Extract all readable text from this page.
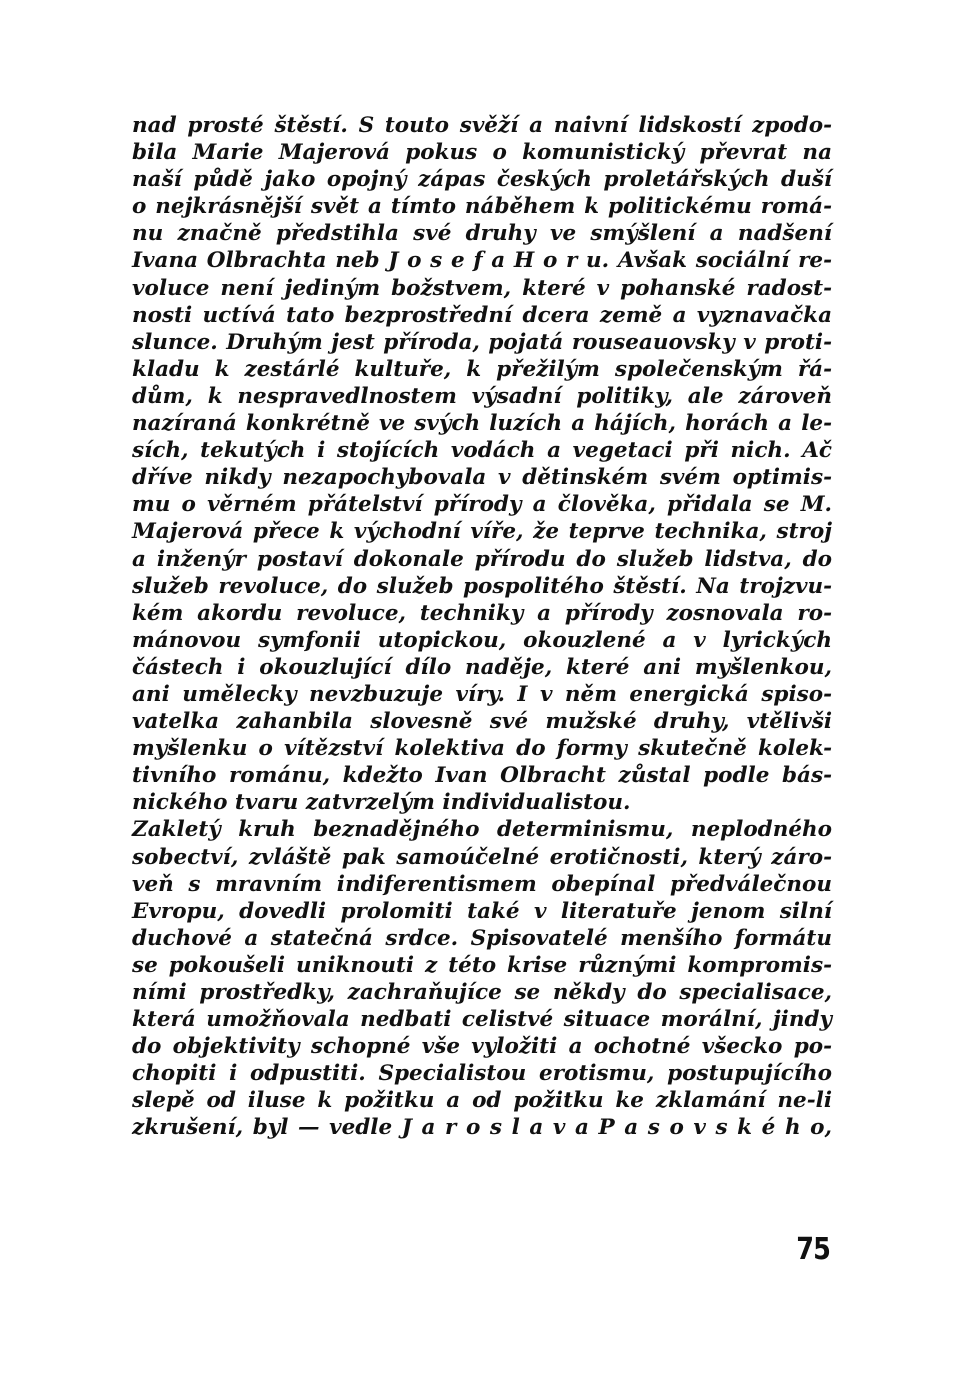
nad prosté štěstí. S touto svěží a naivní lidskostí zpodo-
bila Marie Majerová pokus o komunistický převrat na
naší půdě jako opojný zápas českých proletářských duší
o nejkrásnější svět a tímto náběhem k politickému romá-
nu značně předstihla své druhy ve smýšlení a nadšení
Ivana Olbrachta neb J o s e f a H o r u. Avšak sociální re-
voluce není jediným božstvem, které v pohanské radost-
nosti uctívá tato bezprostřední dcera země a vyznavačka
slunce. Druhým jest příroda, pojatá rouseauovsky v proti-
kladu k zestárlé kultuře, k přežilým společenským řá-
dům, k nespravedlnostem výsadní politiky, ale zároveň
nazíraná konkrétně ve svých luzích a hájích, horách a le-
sích, tekutých i stojících vodách a vegetaci při nich. Ač
dříve nikdy nezapochybovala v dětinském svém optimis-
mu o věrném přátelství přírody a člověka, přidala se M.
Majerová přece k východní víře, že teprve technika, stroj
a inženýr postaví dokonale přírodu do služeb lidstva, do
služeb revoluce, do služeb pospolitého štěstí. Na trojzvu-
kém akordu revoluce, techniky a přírody zosnovala ro-
mánovou symfonii utopickou, okouzlené a v lyrických
částech i okouzlující dílo naděje, které ani myšlenkou,
ani umělecky nevzbuzuje víry. I v něm energická spiso-
vatelka zahanbila slovesně své mužské druhy, vtělivši
myšlenku o vítězství kolektiva do formy skutečně kolek-
tivního románu, kdežto Ivan Olbracht zůstal podle bás-
nického tvaru zatvrzelým individualistou.
Zakletý kruh beznadějného determinismu, neplodného
sobectví, zvláště pak samoúčelné erotičnosti, který záro-
veň s mravním indiferentismem obepínal předválečnou
Evropu, dovedli prolomiti také v literatuře jenom silní
duchové a statečná srdce. Spisovatelé menšího formátu
se pokoušeli uniknouti z této krise různými kompromis-
ními prostředky, zachraňujíce se někdy do specialisace,
která umožňovala nedbati celistvé situace morální, jindy
do objektivity schopné vše vyložiti a ochotné všecko po-
chopiti i odpustiti. Specialistou erotismu, postupujícího
slepě od iluse k požitku a od požitku ke zklamání ne-li
zkrušení, byl — vedle J a r o s l a v a P a s o v s k é h o,
75
